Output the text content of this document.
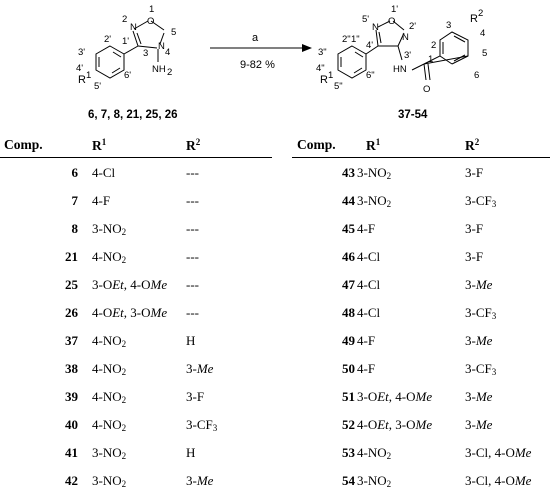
N
O
N
NH 2
2
1
3 4
5
1'
2'
3'
4'
5'
6'
R 1
a
9-82 %
N
O
N
5'
1'
2'
3'
4'
HN
O
1"
2"
3"
4"
5"
6"
1
2
3
4
5
6
R 1
R 2
6, 7, 8, 21, 25, 26	37-54
Comp.	$R^1$	$R^2$	Comp. $R^1$	$R^2$
6 4-Cl	---
7 4-F	---
8 $3-NO_2$	---
21 $4-NO_2$	---
25 3-OEt, 4-OMe ---
26 4-OEt, 3-OMe ---
37 $4-NO_2$	H
38 $4-NO_2$	3-Me
39 $4-NO_2$	3-F
40 $4-NO_2$	$3-CF_3$
41 $3-NO_2$	H
42 $3-NO_2$	3-Me
43 $3-NO_2$	3-F
44 $3-NO_2$	$3-CF_3$
45 4-F	3-F
46 4-Cl	3-F
47 4-Cl	3-Me
48 4-Cl	$3-CF_3$
49 4-F	3-Me
50 4-F	$3-CF_3$
51 3-OEt, 4-OMe	3-Me
52 4-OEt, 3-OMe	3-Me
53 $4-NO_2$	3-Cl, 4-OMe
54 $3-NO_2$	3-Cl, 4-OMe
